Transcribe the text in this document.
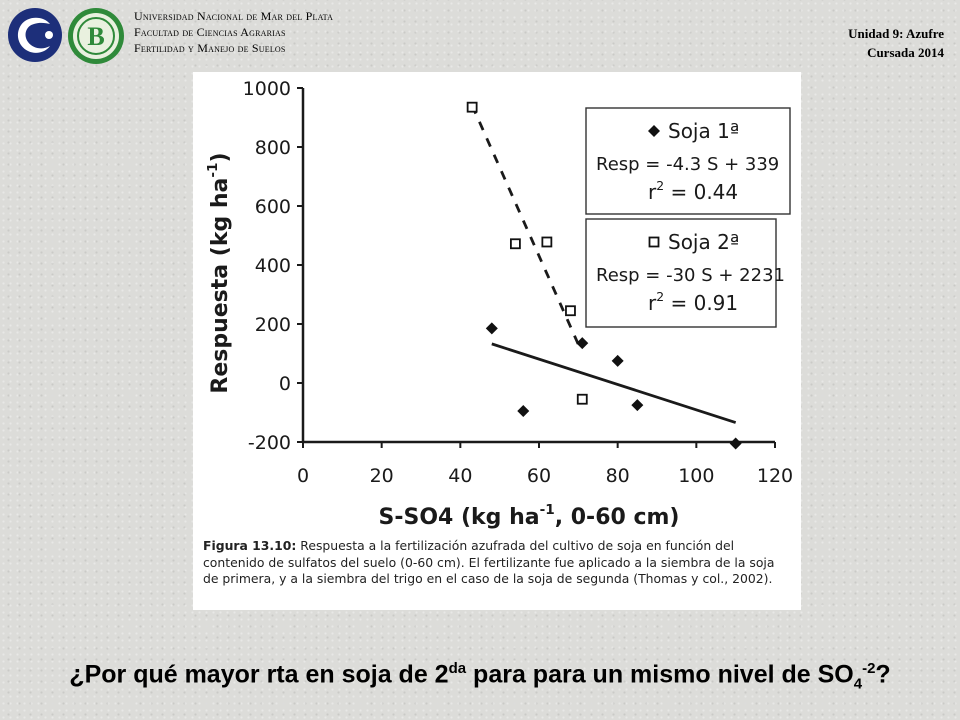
B
Universidad Nacional de Mar del Plata
Facultad de Ciencias Agrarias
Fertilidad y Manejo de Suelos
Unidad 9: Azufre
Cursada 2014
-200
0
200
400
600
800
1000
0	20	40	60	80	100 120
S-SO4 (kg $ha^{-1}$, 0-60 cm)
Respuesta (kg $ha^{-1}$)
Soja 1ª
Resp = -4.3 S + 339
$r^2 = 0.44$
Soja 2ª
Resp = -30 S + 2231
$r^2 = 0.91$
Figura 13.10: Respuesta a la fertilización azufrada del cultivo de soja en función del contenido de sulfatos del suelo (0-60 cm). El fertilizante fue aplicado a la siembra de la soja de primera, y a la siembra del trigo en el caso de la soja de segunda (Thomas y col., 2002).
¿Por qué mayor rta en soja de $2^{da}$ para para un mismo nivel de $SO_4^{-2}$?
